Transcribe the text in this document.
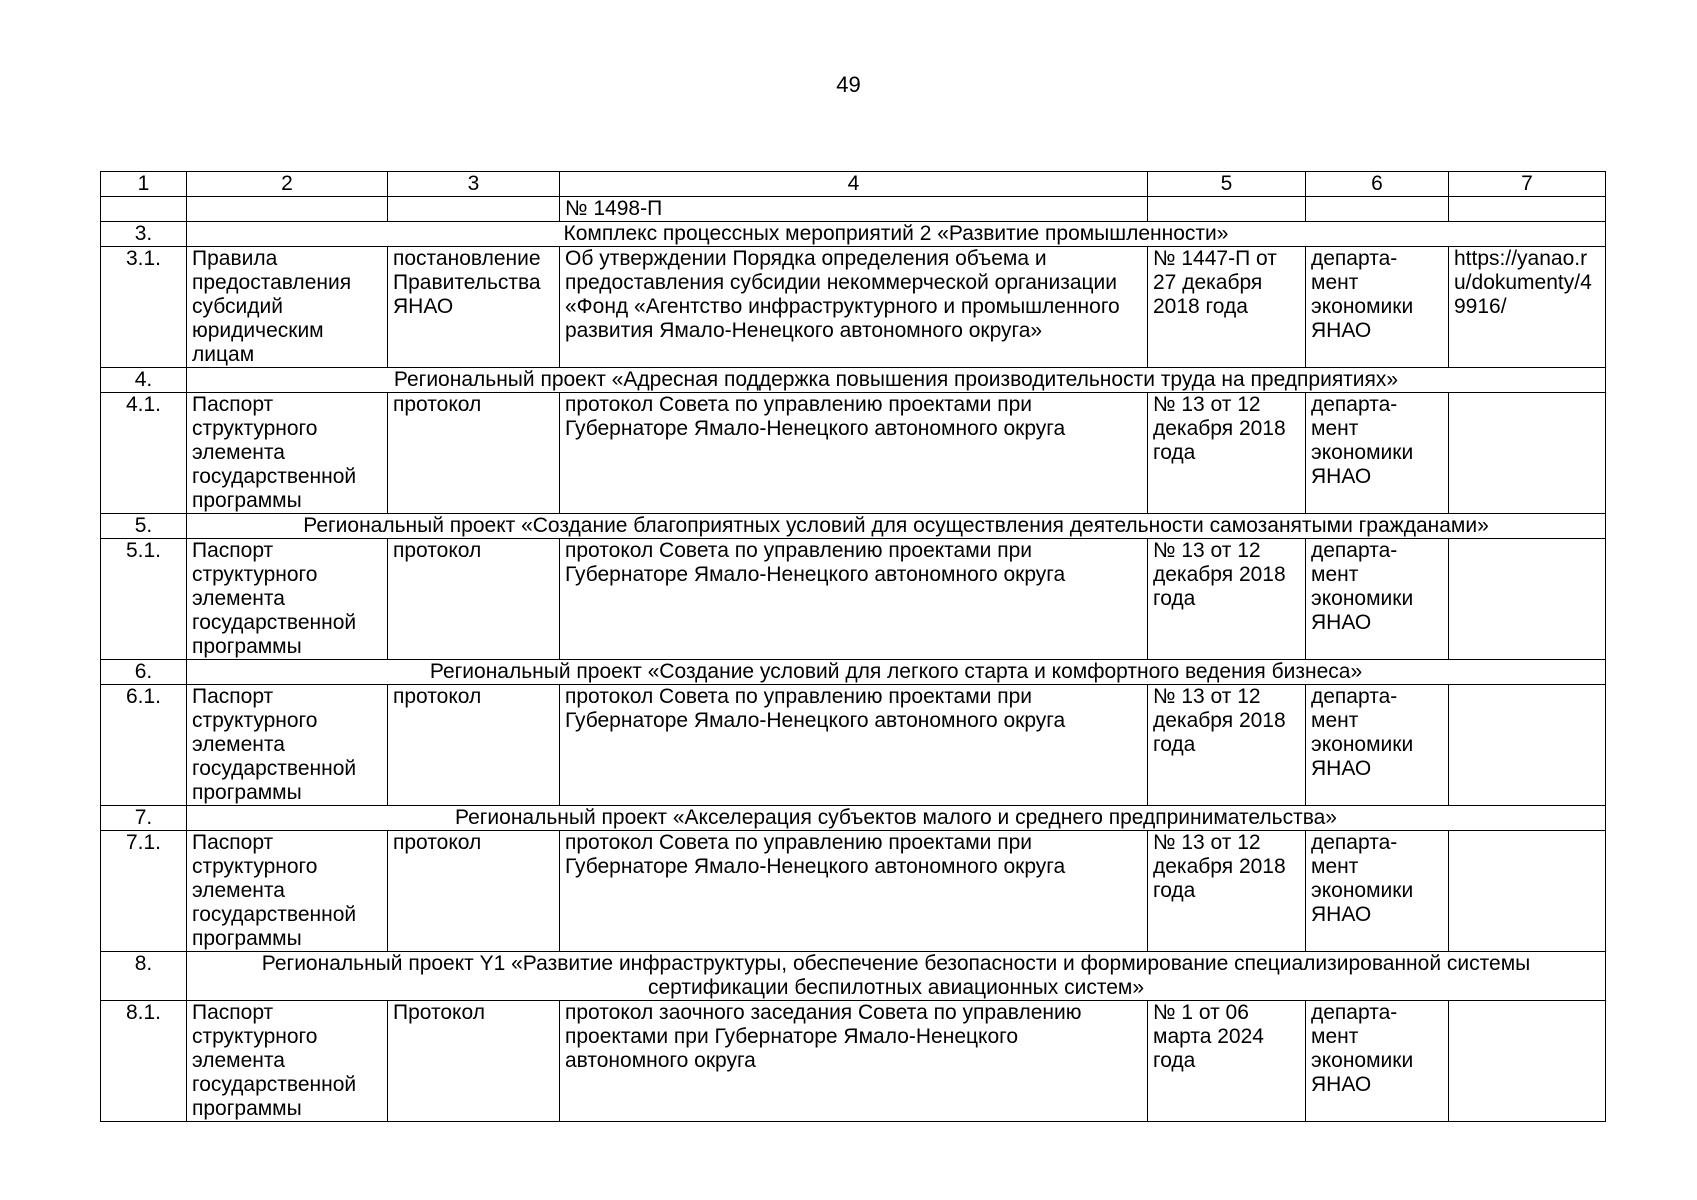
49
1	2	3	4	5	6	7
			№ 1498-П			
3.	Комплекс процессных мероприятий 2 «Развитие промышленности»					
3.1.	Правила предоставления субсидий юридическим лицам	постановление Правительства ЯНАО	Об утверждении Порядка определения объема и предоставления субсидии некоммерческой организации «Фонд «Агентство инфраструктурного и промышленного развития Ямало-Ненецкого автономного округа»	№ 1447-П от 27 декабря 2018 года	департа-мент экономики ЯНАО	https://yanao.ru/dokumenty/49916/
4.	Региональный проект «Адресная поддержка повышения производительности труда на предприятиях»					
4.1.	Паспорт структурного элемента государственной программы	протокол	протокол Совета по управлению проектами при Губернаторе Ямало-Ненецкого автономного округа	№ 13 от 12 декабря 2018 года	департа-мент экономики ЯНАО	
5.	Региональный проект «Создание благоприятных условий для осуществления деятельности самозанятыми гражданами»					
5.1.	Паспорт структурного элемента государственной программы	протокол	протокол Совета по управлению проектами при Губернаторе Ямало-Ненецкого автономного округа	№ 13 от 12 декабря 2018 года	департа-мент экономики ЯНАО	
6.	Региональный проект «Создание условий для легкого старта и комфортного ведения бизнеса»					
6.1.	Паспорт структурного элемента государственной программы	протокол	протокол Совета по управлению проектами при Губернаторе Ямало-Ненецкого автономного округа	№ 13 от 12 декабря 2018 года	департа-мент экономики ЯНАО	
7.	Региональный проект «Акселерация субъектов малого и среднего предпринимательства»					
7.1.	Паспорт структурного элемента государственной программы	протокол	протокол Совета по управлению проектами при Губернаторе Ямало-Ненецкого автономного округа	№ 13 от 12 декабря 2018 года	департа-мент экономики ЯНАО	
8.	Региональный проект Y1 «Развитие инфраструктуры, обеспечение безопасности и формирование специализированной системы сертификации беспилотных авиационных систем»					
8.1.	Паспорт структурного элемента государственной программы	Протокол	протокол заочного заседания Совета по управлению проектами при Губернаторе Ямало-Ненецкого автономного округа	№ 1 от 06 марта 2024 года	департа-мент экономики ЯНАО	
